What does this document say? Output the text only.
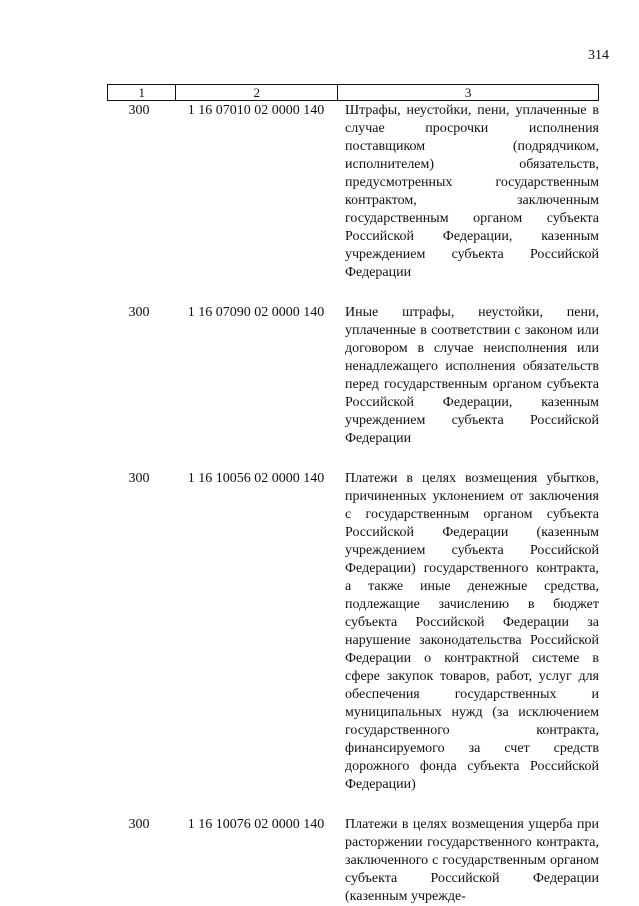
314
1	2	3
300	1 16 07010 02 0000 140	Штрафы, неустойки, пени, уплаченные в случае просрочки исполнения поставщиком (подрядчиком, исполнителем) обязательств, предусмотренных государственным контрактом, заключенным государственным органом субъекта Российской Федерации, казенным учреждением субъекта Российской Федерации
300	1 16 07090 02 0000 140	Иные штрафы, неустойки, пени, уплаченные в соответствии с законом или договором в случае неисполнения или ненадлежащего исполнения обязательств перед государственным органом субъекта Российской Федерации, казенным учреждением субъекта Российской Федерации
300	1 16 10056 02 0000 140	Платежи в целях возмещения убытков, причиненных уклонением от заключения с государственным органом субъекта Российской Федерации (казенным учреждением субъекта Российской Федерации) государственного контракта, а также иные денежные средства, подлежащие зачислению в бюджет субъекта Российской Федерации за нарушение законодательства Российской Федерации о контрактной системе в сфере закупок товаров, работ, услуг для обеспечения государственных и муниципальных нужд (за исключением государственного контракта, финансируемого за счет средств дорожного фонда субъекта Российской Федерации)
300	1 16 10076 02 0000 140	Платежи в целях возмещения ущерба при расторжении государственного контракта, заключенного с государственным органом субъекта Российской Федерации (казенным учрежде-
